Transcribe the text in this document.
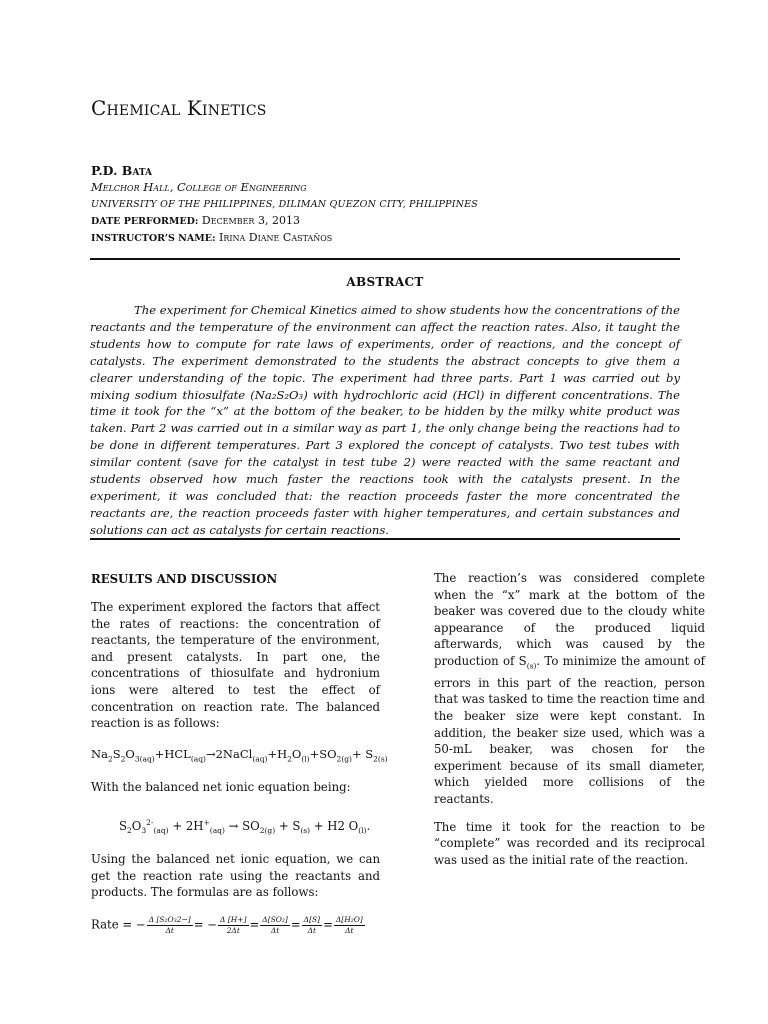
Chemical Kinetics
P.D. Bata
Melchor Hall, College of Engineering
UNIVERSITY OF THE PHILIPPINES, DILIMAN QUEZON CITY, PHILIPPINES
DATE PERFORMED: December 3, 2013
INSTRUCTOR’S NAME: Irina Diane Castaños
ABSTRACT

The experiment for Chemical Kinetics aimed to show students how the concentrations of the reactants and the temperature of the environment can affect the reaction rates. Also, it taught the students how to compute for rate laws of experiments, order of reactions, and the concept of catalysts. The experiment demonstrated to the students the abstract concepts to give them a clearer understanding of the topic. The experiment had three parts. Part 1 was carried out by mixing sodium thiosulfate (Na₂S₂O₃) with hydrochloric acid (HCl) in different concentrations. The time it took for the “x” at the bottom of the beaker, to be hidden by the milky white product was taken. Part 2 was carried out in a similar way as part 1, the only change being the reactions had to be done in different temperatures. Part 3 explored the concept of catalysts. Two test tubes with similar content (save for the catalyst in test tube 2) were reacted with the same reactant and students observed how much faster the reactions took with the catalysts present. In the experiment, it was concluded that: the reaction proceeds faster the more concentrated the reactants are, the reaction proceeds faster with higher temperatures, and certain substances and solutions can act as catalysts for certain reactions.

RESULTS AND DISCUSSION

The experiment explored the factors that affect the rates of reactions: the concentration of reactants, the temperature of the environment, and present catalysts. In part one, the concentrations of thiosulfate and hydronium ions were altered to test the effect of concentration on reaction rate. The balanced reaction is as follows:

$Na_2S_2O_{3(aq)}+HCL_{(aq)}\to 2NaCl_{(aq)}+H_2O_{(l)}+SO_{2(g)}+ S_{2(s)}$

With the balanced net ionic equation being:

$S_2O_3^{2-}_{(aq)} + 2H^+_{(aq)} \to SO_{2(g)} + S_{(s)} + H2$ $O_{(l)}$.

Using the balanced net ionic equation, we can get the reaction rate using the reactants and products. The formulas are as follows:

Rate = − $\frac{\text{Δ [S₂O₃2−]}}{\Delta t}$ = − $\frac{\Delta [H+]}{2\Delta t} = \frac{\text{Δ[SO₂]}}{\Delta t} = \frac{\Delta[S]}{\Delta t} = \frac{\text{Δ[H₂O]}}{\Delta t}$

The reaction’s was considered complete when the “x” mark at the bottom of the beaker was covered due to the cloudy white appearance of the produced liquid afterwards, which was caused by the production of $S_{(s)}$. To minimize the amount of errors in this part of the reaction, person that was tasked to time the reaction time and the beaker size were kept constant. In addition, the beaker size used, which was a 50-mL beaker, was chosen for the experiment because of its small diameter, which yielded more collisions of the reactants.

The time it took for the reaction to be “complete” was recorded and its reciprocal was used as the initial rate of the reaction.
